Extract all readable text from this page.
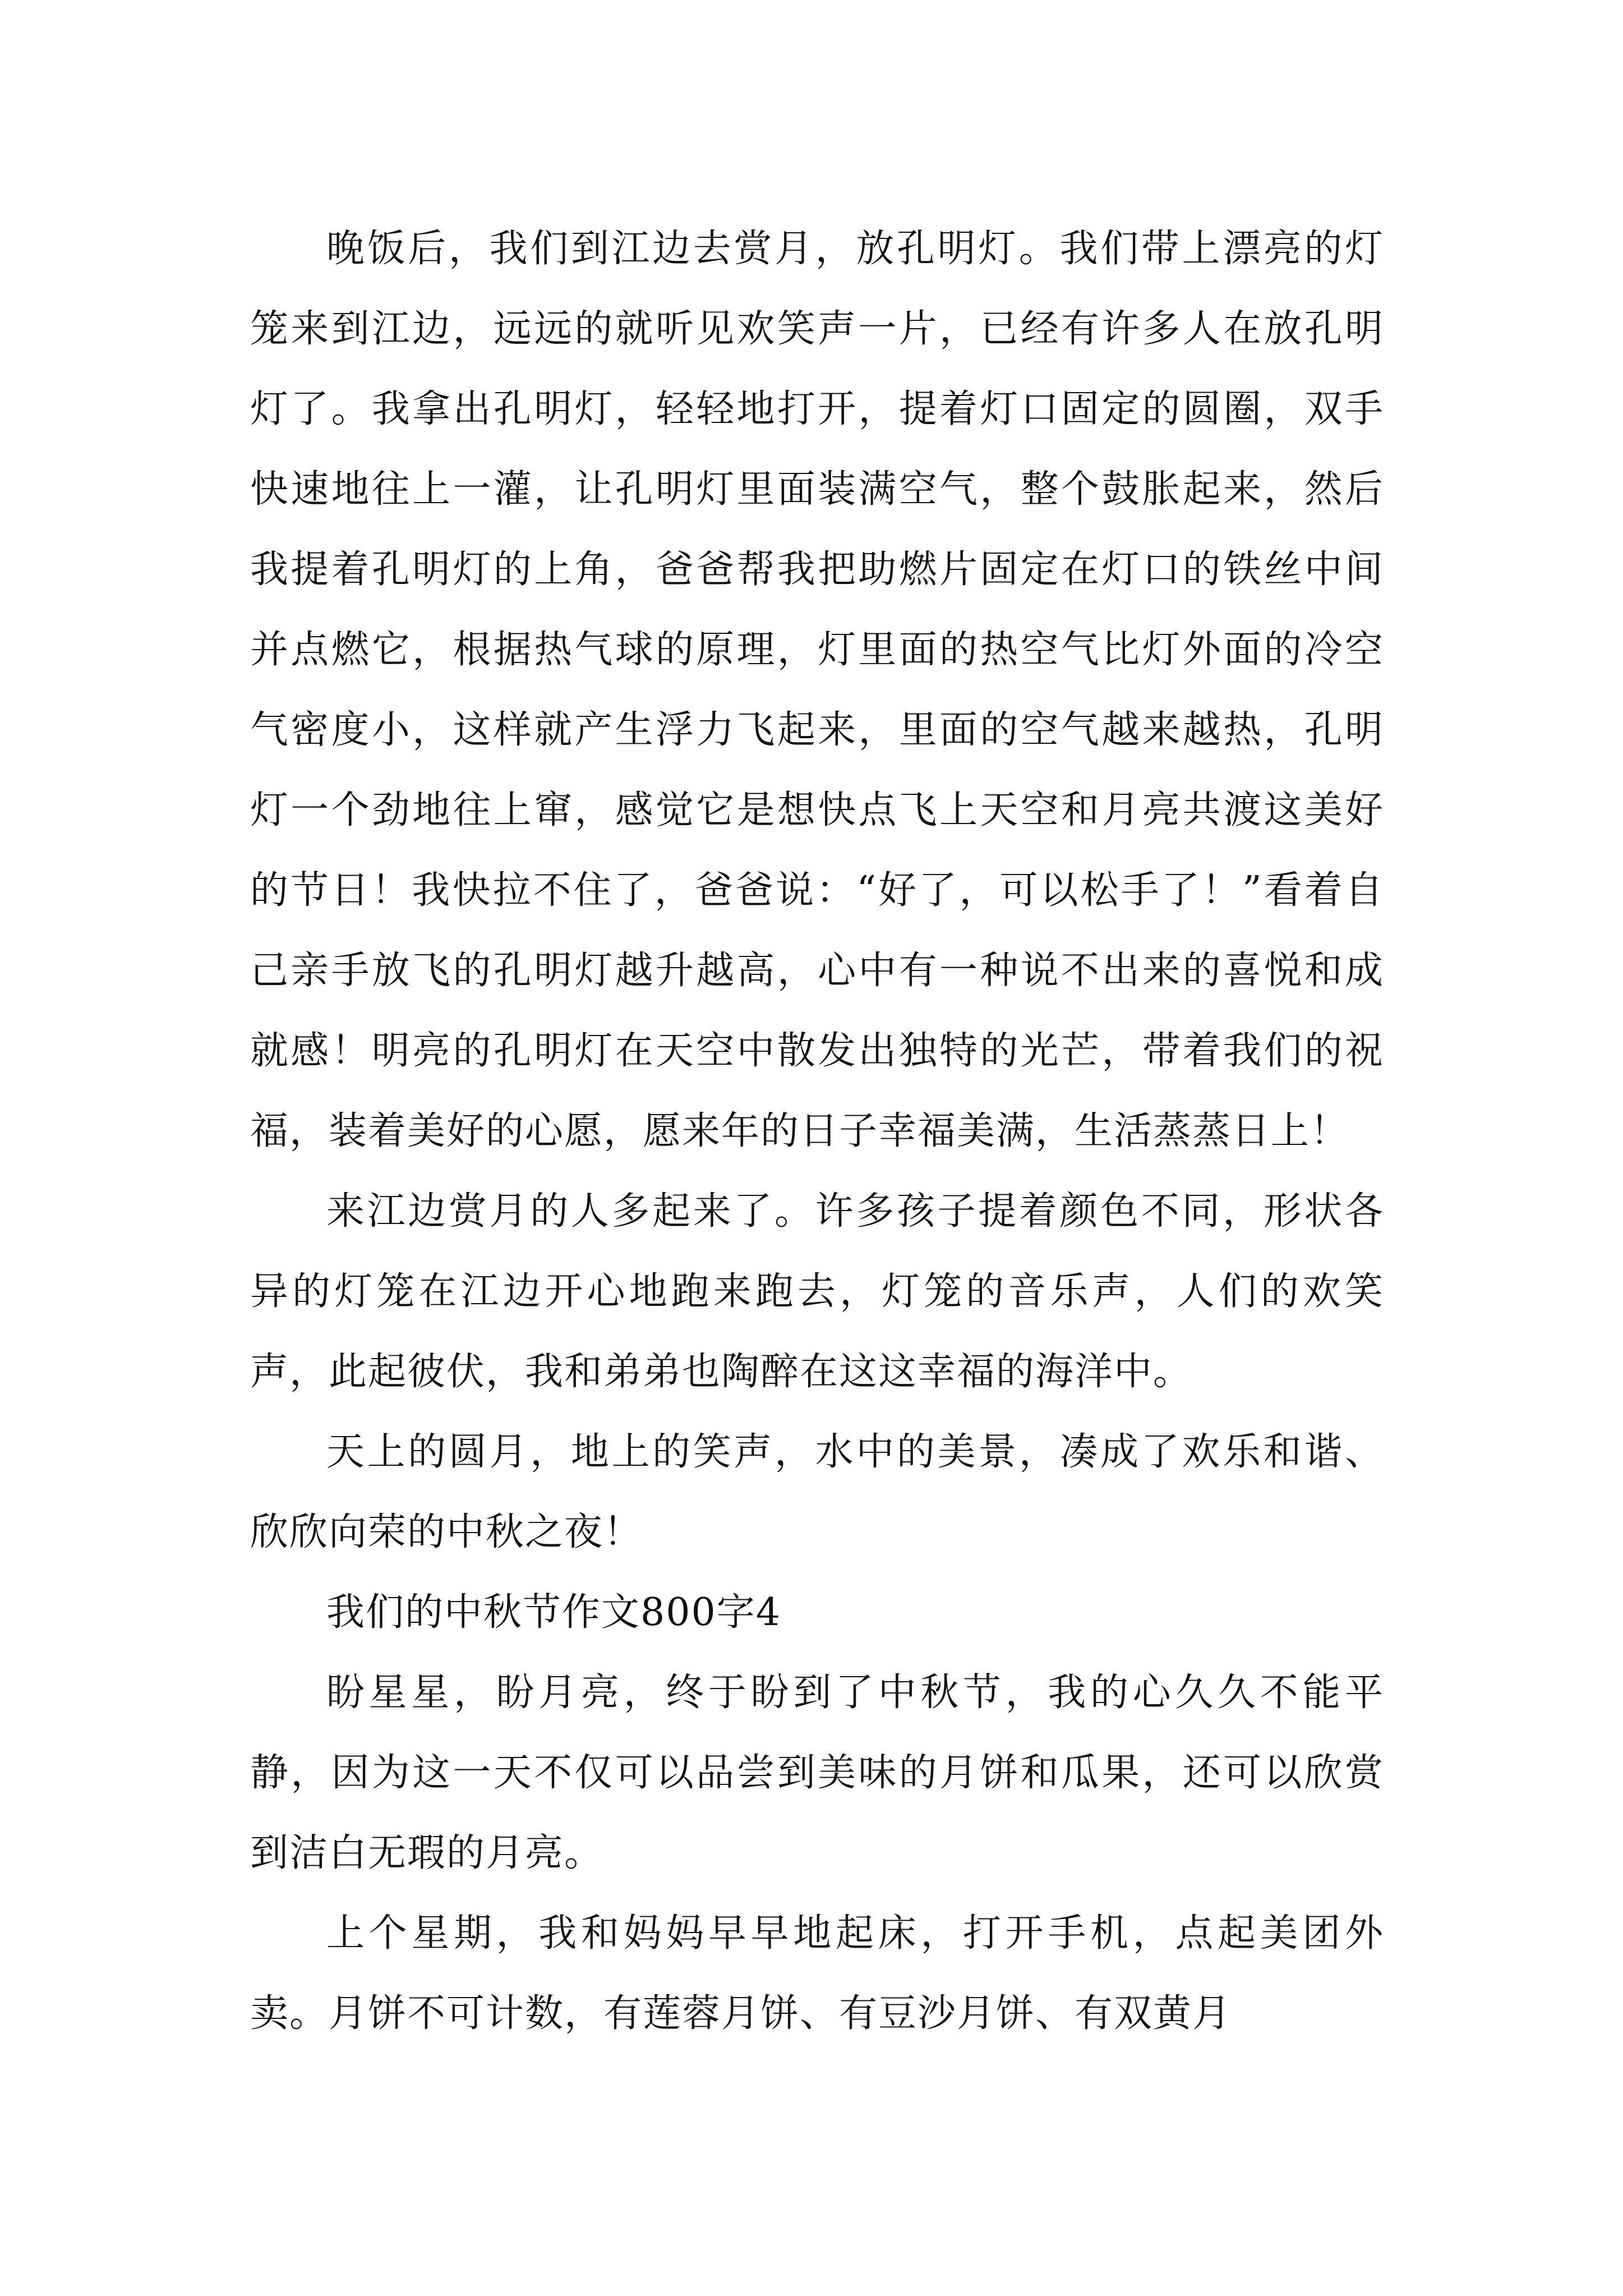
晚饭后，我们到江边去赏月，放孔明灯。我们带上漂亮的灯笼来到江边，远远的就听见欢笑声一片，已经有许多人在放孔明灯了。我拿出孔明灯，轻轻地打开，提着灯口固定的圆圈，双手快速地往上一灌，让孔明灯里面装满空气，整个鼓胀起来，然后我提着孔明灯的上角，爸爸帮我把助燃片固定在灯口的铁丝中间并点燃它，根据热气球的原理，灯里面的热空气比灯外面的冷空气密度小，这样就产生浮力飞起来，里面的空气越来越热，孔明灯一个劲地往上窜，感觉它是想快点飞上天空和月亮共渡这美好的节日！我快拉不住了，爸爸说：“好了，可以松手了！”看着自己亲手放飞的孔明灯越升越高，心中有一种说不出来的喜悦和成就感！明亮的孔明灯在天空中散发出独特的光芒，带着我们的祝福，装着美好的心愿，愿来年的日子幸福美满，生活蒸蒸日上！

来江边赏月的人多起来了。许多孩子提着颜色不同，形状各异的灯笼在江边开心地跑来跑去，灯笼的音乐声，人们的欢笑声，此起彼伏，我和弟弟也陶醉在这这幸福的海洋中。

天上的圆月，地上的笑声，水中的美景，凑成了欢乐和谐、欣欣向荣的中秋之夜！

我们的中秋节作文800字4

盼星星，盼月亮，终于盼到了中秋节，我的心久久不能平静，因为这一天不仅可以品尝到美味的月饼和瓜果，还可以欣赏到洁白无瑕的月亮。

上个星期，我和妈妈早早地起床，打开手机，点起美团外卖。月饼不可计数，有莲蓉月饼、有豆沙月饼、有双黄月
